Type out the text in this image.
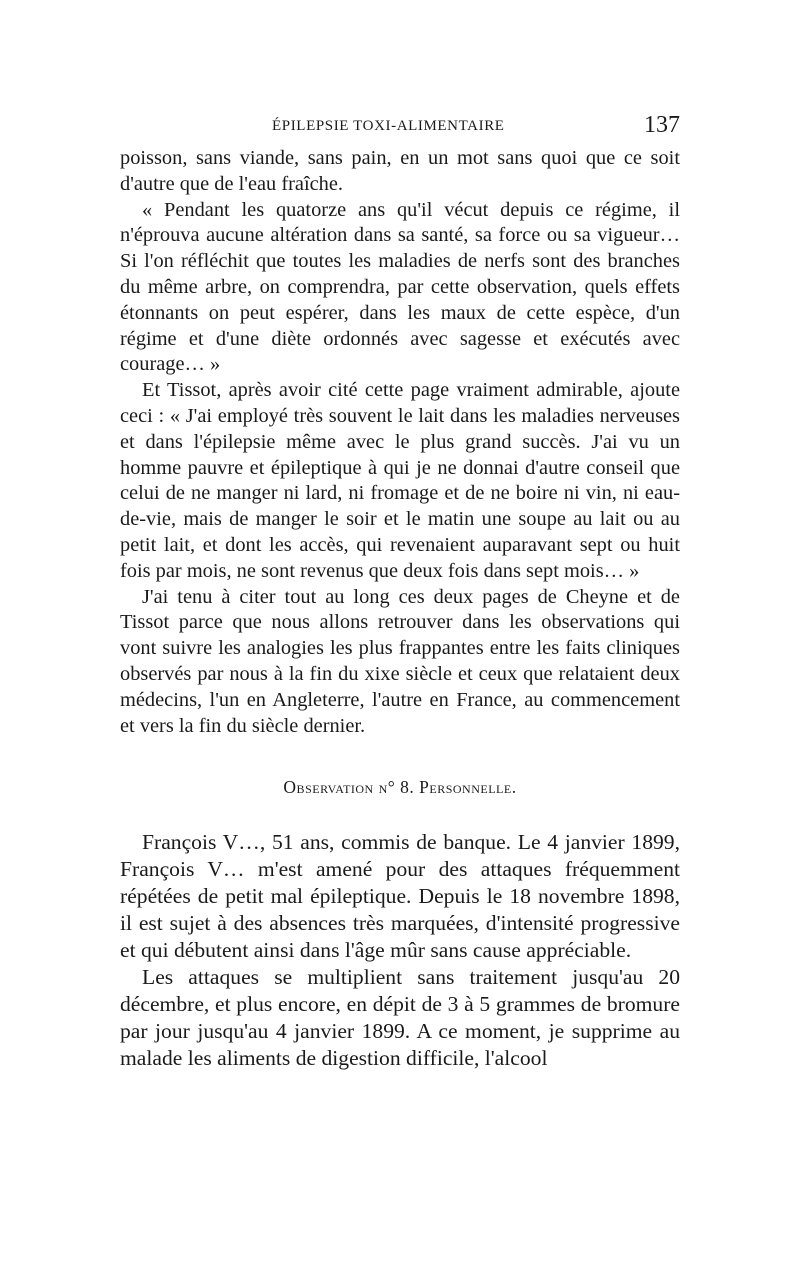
ÉPILEPSIE TOXI-ALIMENTAIRE	137

poisson, sans viande, sans pain, en un mot sans quoi que ce soit d'autre que de l'eau fraîche.

« Pendant les quatorze ans qu'il vécut depuis ce régime, il n'éprouva aucune altération dans sa santé, sa force ou sa vigueur… Si l'on réfléchit que toutes les maladies de nerfs sont des branches du même arbre, on comprendra, par cette observation, quels effets étonnants on peut espérer, dans les maux de cette espèce, d'un régime et d'une diète ordonnés avec sagesse et exécutés avec courage… »

Et Tissot, après avoir cité cette page vraiment admirable, ajoute ceci : « J'ai employé très souvent le lait dans les maladies nerveuses et dans l'épilepsie même avec le plus grand succès. J'ai vu un homme pauvre et épileptique à qui je ne donnai d'autre conseil que celui de ne manger ni lard, ni fromage et de ne boire ni vin, ni eau-de-vie, mais de manger le soir et le matin une soupe au lait ou au petit lait, et dont les accès, qui revenaient auparavant sept ou huit fois par mois, ne sont revenus que deux fois dans sept mois… »

J'ai tenu à citer tout au long ces deux pages de Cheyne et de Tissot parce que nous allons retrouver dans les observations qui vont suivre les analogies les plus frappantes entre les faits cliniques observés par nous à la fin du xixe siècle et ceux que relataient deux médecins, l'un en Angleterre, l'autre en France, au commencement et vers la fin du siècle dernier.

Observation n° 8. Personnelle.

François V…, 51 ans, commis de banque. Le 4 janvier 1899, François V… m'est amené pour des attaques fréquemment répétées de petit mal épileptique. Depuis le 18 novembre 1898, il est sujet à des absences très marquées, d'intensité progressive et qui débutent ainsi dans l'âge mûr sans cause appréciable.

Les attaques se multiplient sans traitement jusqu'au 20 décembre, et plus encore, en dépit de 3 à 5 grammes de bromure par jour jusqu'au 4 janvier 1899. A ce moment, je supprime au malade les aliments de digestion difficile, l'alcool
